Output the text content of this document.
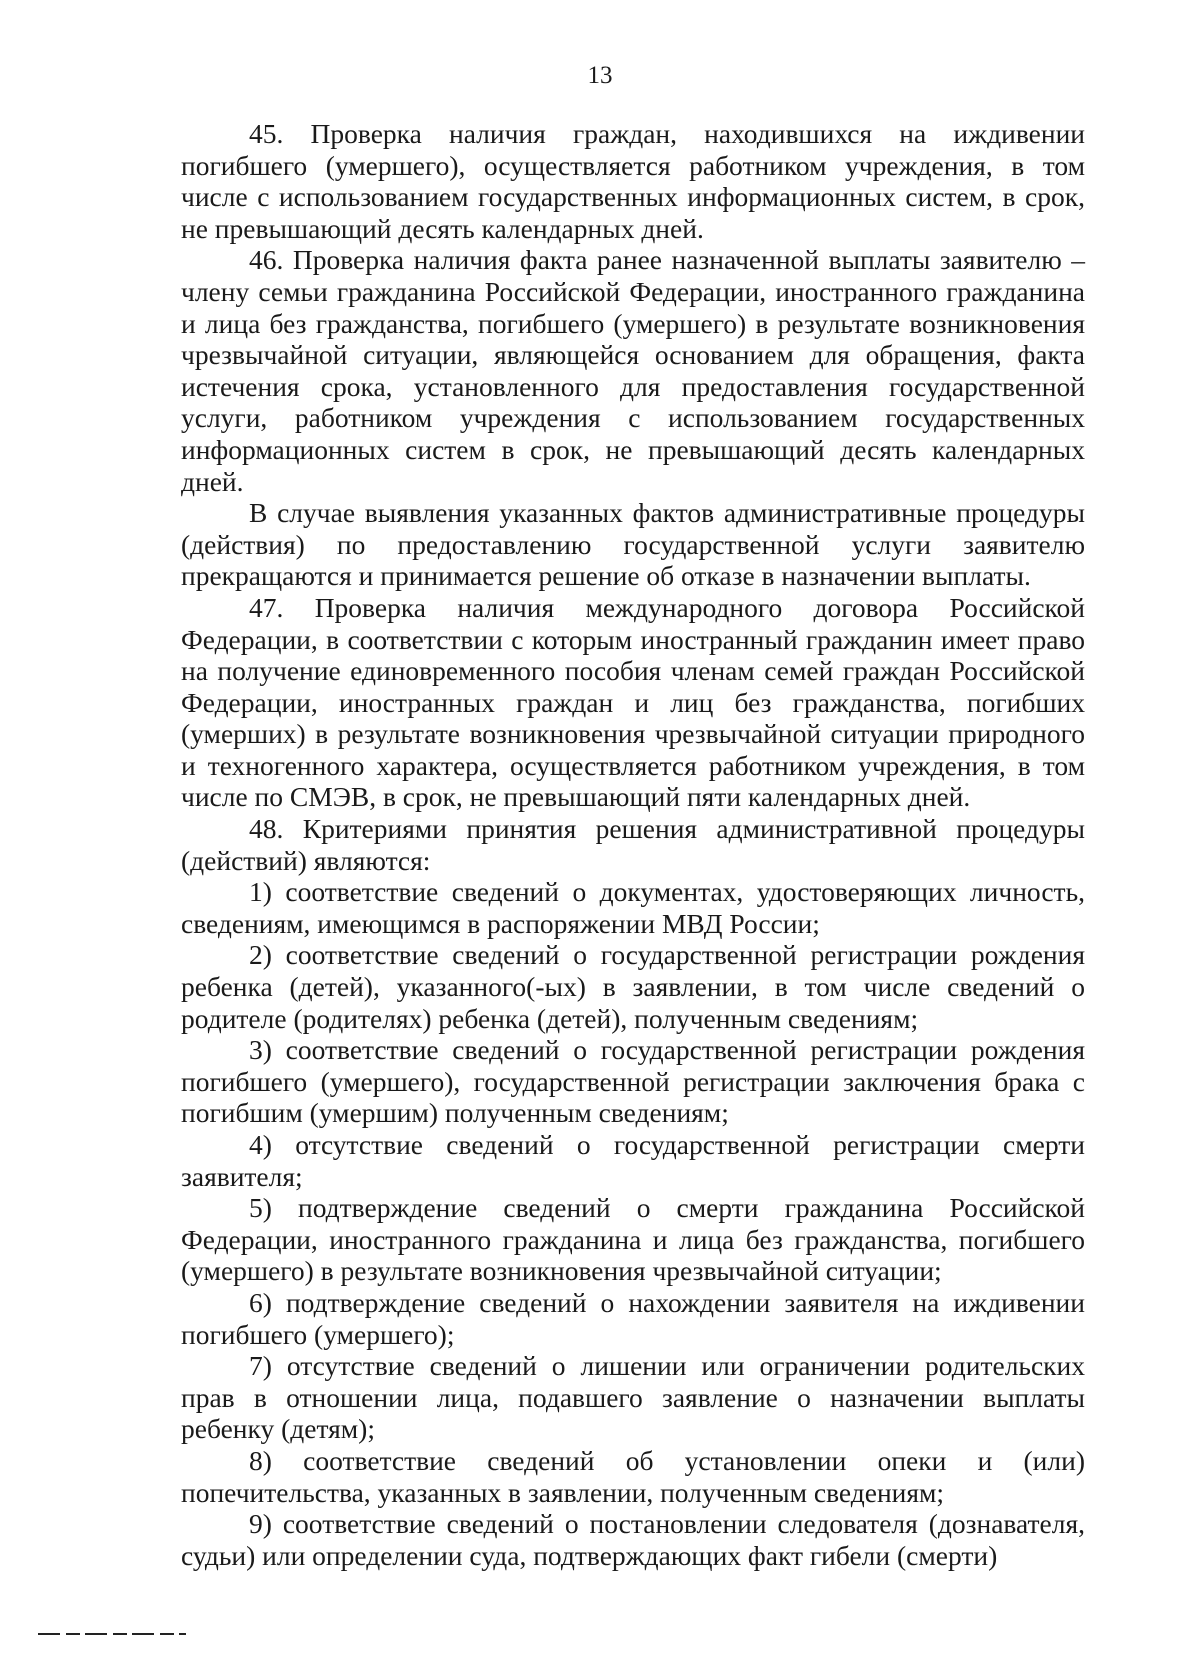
13

45. Проверка наличия граждан, находившихся на иждивении погибшего (умершего), осуществляется работником учреждения, в том числе с использованием государственных информационных систем, в срок, не превышающий десять календарных дней.

46. Проверка наличия факта ранее назначенной выплаты заявителю – члену семьи гражданина Российской Федерации, иностранного гражданина и лица без гражданства, погибшего (умершего) в результате возникновения чрезвычайной ситуации, являющейся основанием для обращения, факта истечения срока, установленного для предоставления государственной услуги, работником учреждения с использованием государственных информационных систем в срок, не превышающий десять календарных дней.

В случае выявления указанных фактов административные процедуры (действия) по предоставлению государственной услуги заявителю прекращаются и принимается решение об отказе в назначении выплаты.

47. Проверка наличия международного договора Российской Федерации, в соответствии с которым иностранный гражданин имеет право на получение единовременного пособия членам семей граждан Российской Федерации, иностранных граждан и лиц без гражданства, погибших (умерших) в результате возникновения чрезвычайной ситуации природного и техногенного характера, осуществляется работником учреждения, в том числе по СМЭВ, в срок, не превышающий пяти календарных дней.

48. Критериями принятия решения административной процедуры (действий) являются:

1) соответствие сведений о документах, удостоверяющих личность, сведениям, имеющимся в распоряжении МВД России;

2) соответствие сведений о государственной регистрации рождения ребенка (детей), указанного(-ых) в заявлении, в том числе сведений о родителе (родителях) ребенка (детей), полученным сведениям;

3) соответствие сведений о государственной регистрации рождения погибшего (умершего), государственной регистрации заключения брака с погибшим (умершим) полученным сведениям;

4) отсутствие сведений о государственной регистрации смерти заявителя;

5) подтверждение сведений о смерти гражданина Российской Федерации, иностранного гражданина и лица без гражданства, погибшего (умершего) в результате возникновения чрезвычайной ситуации;

6) подтверждение сведений о нахождении заявителя на иждивении погибшего (умершего);

7) отсутствие сведений о лишении или ограничении родительских прав в отношении лица, подавшего заявление о назначении выплаты ребенку (детям);

8) соответствие сведений об установлении опеки и (или) попечительства, указанных в заявлении, полученным сведениям;

9) соответствие сведений о постановлении следователя (дознавателя, судьи) или определении суда, подтверждающих факт гибели (смерти)
